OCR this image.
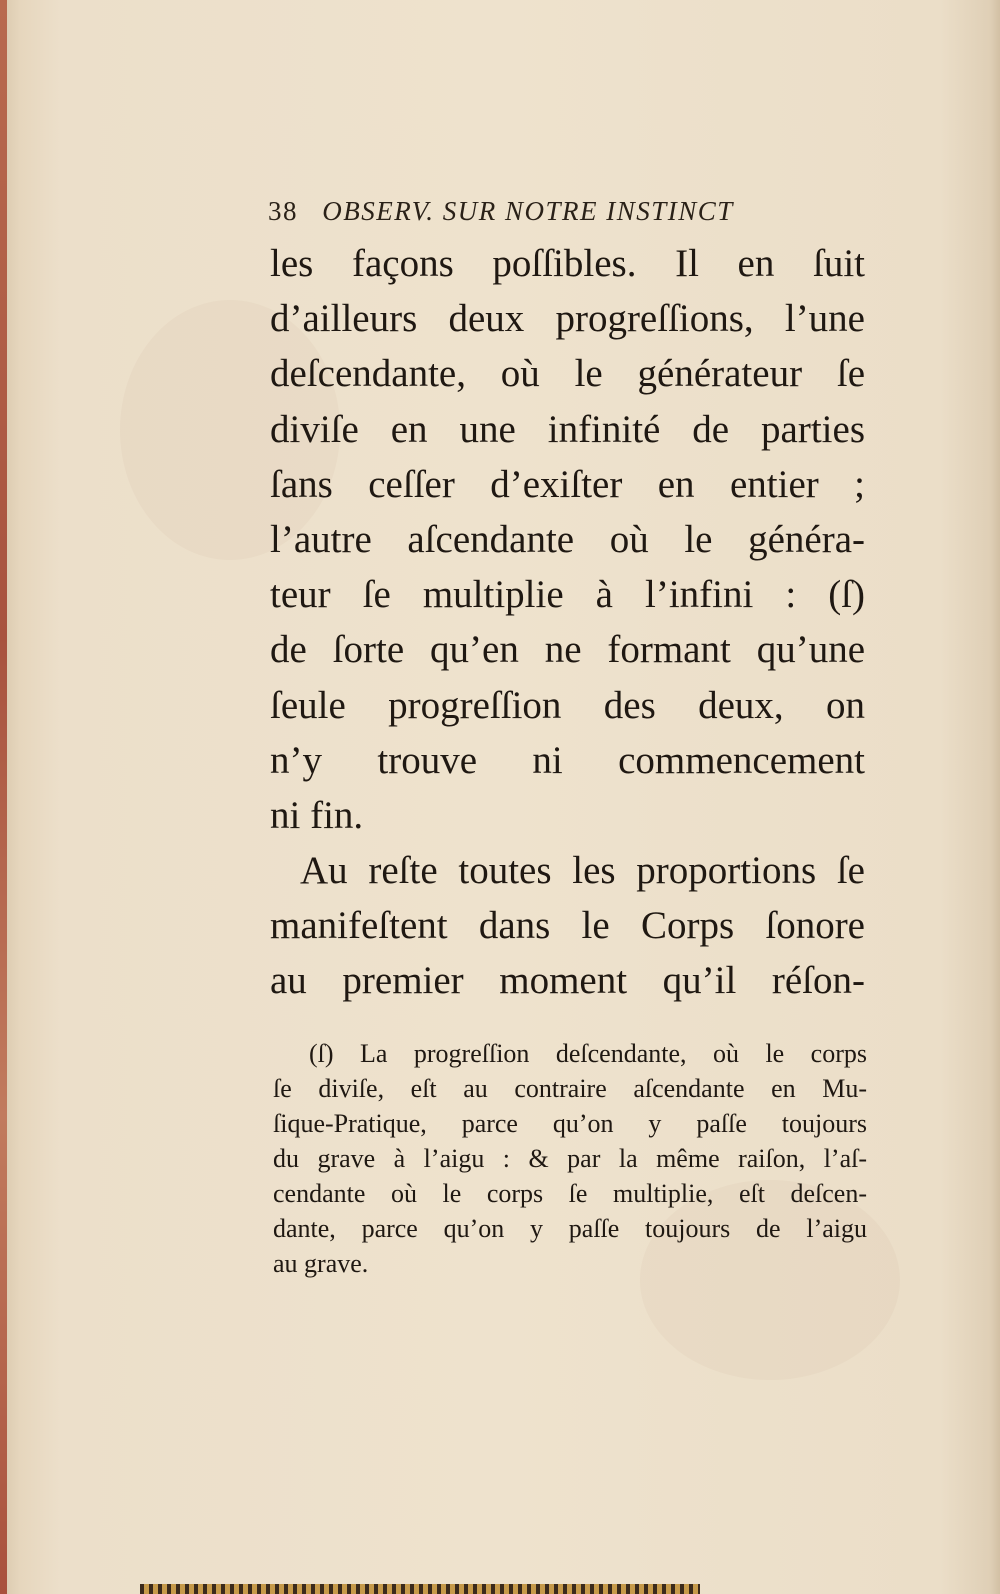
38 OBSERV. SUR NOTRE INSTINCT
les façons poſſibles. Il en ſuit
d’ailleurs deux progreſſions, l’une
deſcendante, où le générateur ſe
diviſe en une infinité de parties
ſans ceſſer d’exiſter en entier ;
l’autre aſcendante où le généra-
teur ſe multiplie à l’infini : (ſ)
de ſorte qu’en ne formant qu’une
ſeule progreſſion des deux, on
n’y trouve ni commencement
ni fin.
Au reſte toutes les proportions ſe
manifeſtent dans le Corps ſonore
au premier moment qu’il réſon-
(ſ) La progreſſion deſcendante, où le corps
ſe diviſe, eſt au contraire aſcendante en Mu-
ſique-Pratique, parce qu’on y paſſe toujours
du grave à l’aigu : & par la même raiſon, l’aſ-
cendante où le corps ſe multiplie, eſt deſcen-
dante, parce qu’on y paſſe toujours de l’aigu
au grave.
